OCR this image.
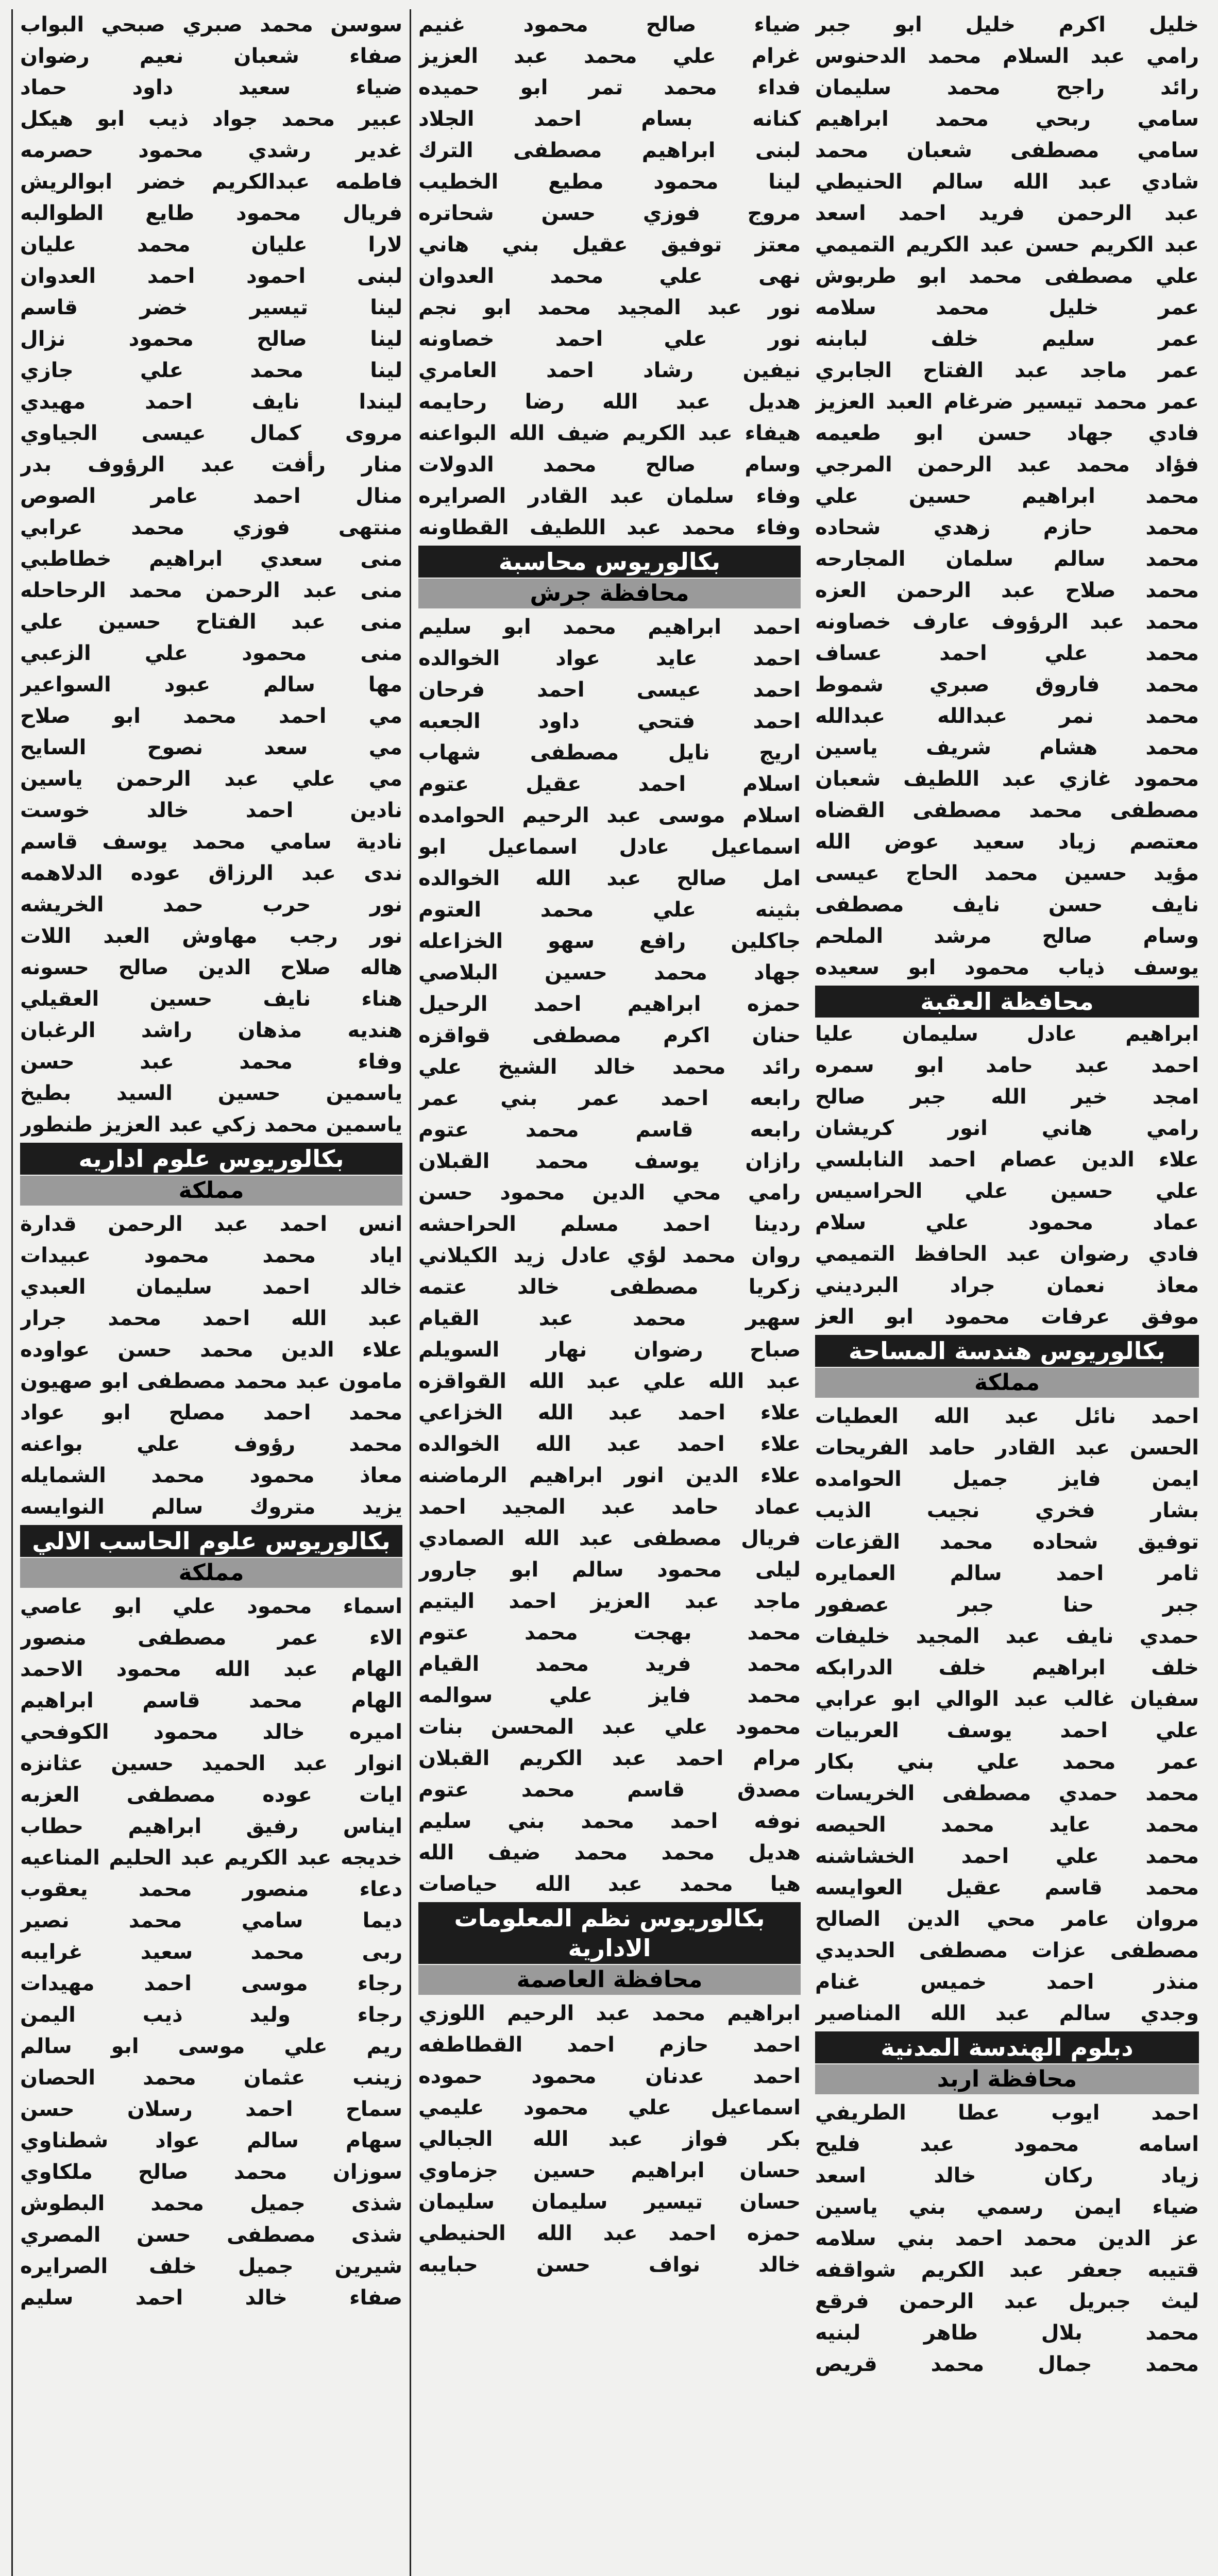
سوسن محمد صبري صبحي البواب
صفاء شعبان نعيم رضوان
ضياء سعيد داود حماد
عبير محمد جواد ذيب ابو هيكل
غدير رشدي محمود حصرمه
فاطمه عبدالكريم خضر ابوالريش
فريال محمود طايع الطوالبه
لارا عليان محمد عليان
لبنى احمود احمد العدوان
لينا تيسير خضر قاسم
لينا صالح محمود نزال
لينا محمد علي جازي
ليندا نايف احمد مهيدي
مروى كمال عيسى الجياوي
منار رأفت عبد الرؤوف بدر
منال احمد عامر الصوص
منتهى فوزي محمد عرابي
منى سعدي ابراهيم خطاطبي
منى عبد الرحمن محمد الرحاحله
منى عبد الفتاح حسين علي
منى محمود علي الزعبي
مها سالم عبود السواعير
مي احمد محمد ابو صلاح
مي سعد نصوح السايح
مي علي عبد الرحمن ياسين
نادين احمد خالد خوست
نادية سامي محمد يوسف قاسم
ندى عبد الرزاق عوده الدلاهمه
نور حرب حمد الخريشه
نور رجب مهاوش العبد اللات
هاله صلاح الدين صالح حسونه
هناء نايف حسين العقيلي
هنديه مذهان راشد الرغبان
وفاء محمد عبد حسن
ياسمين حسين السيد بطيخ
ياسمين محمد زكي عبد العزيز طنطور
بكالوريوس علوم اداريه
مملكة
انس احمد عبد الرحمن قدارة
اياد محمد محمود عبيدات
خالد احمد سليمان العبدي
عبد الله احمد محمد جرار
علاء الدين محمد حسن عواوده
مامون عبد محمد مصطفى ابو صهيون
محمد احمد مصلح ابو عواد
محمد رؤوف علي بواعنه
معاذ محمود محمد الشمايله
يزيد متروك سالم النوايسه
بكالوريوس علوم الحاسب الالي
مملكة
اسماء محمود علي ابو عاصي
الاء عمر مصطفى منصور
الهام عبد الله محمود الاحمد
الهام محمد قاسم ابراهيم
اميره خالد محمود الكوفحي
انوار عبد الحميد حسين عثانزه
ايات عوده مصطفى العزبه
ايناس رفيق ابراهيم حطاب
خديجه عبد الكريم عبد الحليم المناعيه
دعاء منصور محمد يعقوب
ديما سامي محمد نصير
ربى محمد سعيد غرايبه
رجاء موسى احمد مهيدات
رجاء وليد ذيب اليمن
ريم علي موسى ابو سالم
زينب عثمان محمد الحصان
سماح احمد رسلان حسن
سهام سالم عواد شطناوي
سوزان محمد صالح ملكاوي
شذى جميل محمد البطوش
شذى مصطفى حسن المصري
شيرين جميل خلف الصرايره
صفاء خالد احمد سليم
ضياء صالح محمود غنيم
غرام علي محمد عبد العزيز
فداء محمد تمر ابو حميده
كنانه بسام احمد الجلاد
لبنى ابراهيم مصطفى الترك
لينا محمود مطيع الخطيب
مروج فوزي حسن شحاتره
معتز توفيق عقيل بني هاني
نهى علي محمد العدوان
نور عبد المجيد محمد ابو نجم
نور علي احمد خصاونه
نيفين رشاد احمد العامري
هديل عبد الله رضا رحايمه
هيفاء عبد الكريم ضيف الله البواعنه
وسام صالح محمد الدولات
وفاء سلمان عبد القادر الصرايره
وفاء محمد عبد اللطيف القطاونه
بكالوريوس محاسبة
محافظة جرش
احمد ابراهيم محمد ابو سليم
احمد عايد عواد الخوالده
احمد عيسى احمد فرحان
احمد فتحي داود الجعبه
اريج نايل مصطفى شهاب
اسلام احمد عقيل عتوم
اسلام موسى عبد الرحيم الحوامده
اسماعيل عادل اسماعيل ابو
امل صالح عبد الله الخوالده
بثينه علي محمد العتوم
جاكلين رافع سهو الخزاعله
جهاد محمد حسين البلاصي
حمزه ابراهيم احمد الرحيل
حنان اكرم مصطفى قواقزه
رائد محمد خالد الشيخ علي
رابعه احمد عمر بني عمر
رابعه قاسم محمد عتوم
رازان يوسف محمد القبلان
رامي محي الدين محمود حسن
ردينا احمد مسلم الحراحشه
روان محمد لؤي عادل زيد الكيلاني
زكريا مصطفى خالد عتمه
سهير محمد عبد القيام
صباح رضوان نهار السويلم
عبد الله علي عبد الله القواقزه
علاء احمد عبد الله الخزاعي
علاء احمد عبد الله الخوالده
علاء الدين انور ابراهيم الرماضنه
عماد حامد عبد المجيد احمد
فريال مصطفى عبد الله الصمادي
ليلى محمود سالم ابو جارور
ماجد عبد العزيز احمد اليتيم
محمد بهجت محمد عتوم
محمد فريد محمد القيام
محمد فايز علي سوالمه
محمود علي عبد المحسن بنات
مرام احمد عبد الكريم القبلان
مصدق قاسم محمد عتوم
نوفه احمد محمد بني سليم
هديل محمد محمد ضيف الله
هيا محمد عبد الله حياصات
بكالوريوس نظم المعلومات الادارية
محافظة العاصمة
ابراهيم محمد عبد الرحيم اللوزي
احمد حازم احمد القطاطفه
احمد عدنان محمود حموده
اسماعيل علي محمود عليمي
بكر فواز عبد الله الجبالي
حسان ابراهيم حسين جزماوي
حسان تيسير سليمان سليمان
حمزه احمد عبد الله الحنيطي
خالد نواف حسن حبايبه
خليل اكرم خليل ابو جبر
رامي عبد السلام محمد الدحنوس
رائد راجح محمد سليمان
سامي ربحي محمد ابراهيم
سامي مصطفى شعبان محمد
شادي عبد الله سالم الحنيطي
عبد الرحمن فريد احمد اسعد
عبد الكريم حسن عبد الكريم التميمي
علي مصطفى محمد ابو طربوش
عمر خليل محمد سلامه
عمر سليم خلف لبابنه
عمر ماجد عبد الفتاح الجابري
عمر محمد تيسير ضرغام العبد العزيز
فادي جهاد حسن ابو طعيمه
فؤاد محمد عبد الرحمن المرجي
محمد ابراهيم حسين علي
محمد حازم زهدي شحاده
محمد سالم سلمان المجارحه
محمد صلاح عبد الرحمن العزه
محمد عبد الرؤوف عارف خصاونه
محمد علي احمد عساف
محمد فاروق صبري شموط
محمد نمر عبدالله عبدالله
محمد هشام شريف ياسين
محمود غازي عبد اللطيف شعبان
مصطفى محمد مصطفى القضاه
معتصم زياد سعيد عوض الله
مؤيد حسين محمد الحاج عيسى
نايف حسن نايف مصطفى
وسام صالح مرشد الملحم
يوسف ذياب محمود ابو سعيده
محافظة العقبة
ابراهيم عادل سليمان عليا
احمد عبد حامد ابو سمره
امجد خير الله جبر صالح
رامي هاني انور كريشان
علاء الدين عصام احمد النابلسي
علي حسين علي الحراسيس
عماد محمود علي سلام
فادي رضوان عبد الحافظ التميمي
معاذ نعمان جراد البرديني
موفق عرفات محمود ابو العز
بكالوريوس هندسة المساحة
مملكة
احمد نائل عبد الله العطيات
الحسن عبد القادر حامد الفريحات
ايمن فايز جميل الحوامده
بشار فخري نجيب الذيب
توفيق شحاده محمد القزعات
ثامر احمد سالم العمايره
جبر حنا جبر عصفور
حمدي نايف عبد المجيد خليفات
خلف ابراهيم خلف الدرابكه
سفيان غالب عبد الوالي ابو عرابي
علي احمد يوسف العربيات
عمر محمد علي بني بكار
محمد حمدي مصطفى الخريسات
محمد عايد محمد الحيصه
محمد علي احمد الخشاشنه
محمد قاسم عقيل العوايسه
مروان عامر محي الدين الصالح
مصطفى عزات مصطفى الحديدي
منذر احمد خميس غنام
وجدي سالم عبد الله المناصير
دبلوم الهندسة المدنية
محافظة اربد
احمد ايوب عطا الطريفي
اسامه محمود عبد فليح
زياد ركان خالد اسعد
ضياء ايمن رسمي بني ياسين
عز الدين محمد احمد بني سلامه
قتيبه جعفر عبد الكريم شواقفه
ليث جبريل عبد الرحمن فرقع
محمد بلال طاهر لبنيه
محمد جمال محمد قريص
